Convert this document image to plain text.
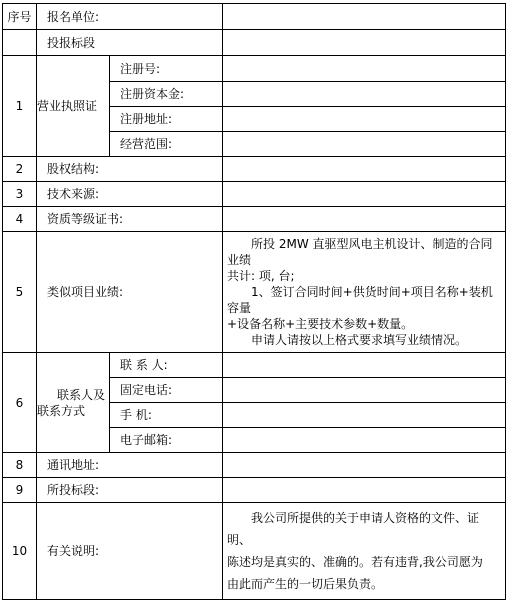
序号	报名单位:		
	投报标段		
1	营业执照证	注册号:	
		注册资本金:	
		注册地址:	
		经营范围:	
2	股权结构:		
3	技术来源:		
4	资质等级证书:		
5	类似项目业绩:		所投 2MW 直驱型风电主机设计、制造的合同业绩

共计: 项, 台;

1、签订合同时间+供货时间+项目名称+装机容量

+设备名称+主要技术参数+数量。

申请人请按以上格式要求填写业绩情况。

6	联系人及
联系方式	联 系 人:	
		固定电话:	
		手 机:	
		电子邮箱:	
8	通讯地址:		
9	所投标段:		
10	有关说明:		我公司所提供的关于申请人资格的文件、证明、

陈述均是真实的、准确的。若有违背,我公司愿为

由此而产生的一切后果负责。
